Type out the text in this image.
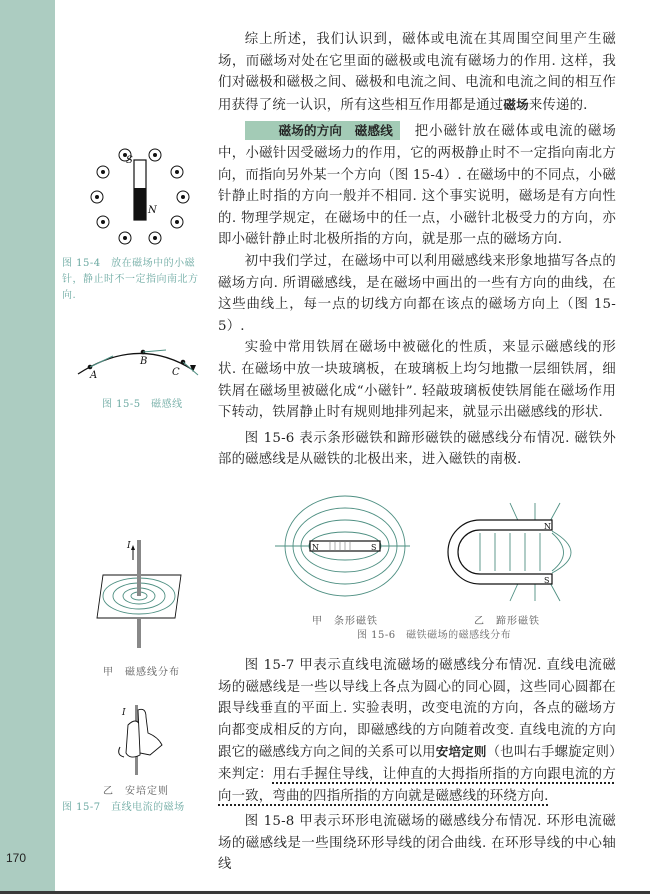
170

综上所述，我们认识到，磁体或电流在其周围空间里产生磁场，而磁场对处在它里面的磁极或电流有磁场力的作用. 这样，我们对磁极和磁极之间、磁极和电流之间、电流和电流之间的相互作用获得了统一认识，所有这些相互作用都是通过磁场来传递的.

磁场的方向　磁感线 把小磁针放在磁体或电流的磁场中，小磁针因受磁场力的作用，它的两极静止时不一定指向南北方向，而指向另外某一个方向（图 15-4）. 在磁场中的不同点，小磁针静止时指的方向一般并不相同. 这个事实说明，磁场是有方向性的. 物理学规定，在磁场中的任一点，小磁针北极受力的方向，亦即小磁针静止时北极所指的方向，就是那一点的磁场方向.

初中我们学过，在磁场中可以利用磁感线来形象地描写各点的磁场方向. 所谓磁感线，是在磁场中画出的一些有方向的曲线，在这些曲线上，每一点的切线方向都在该点的磁场方向上（图 15-5）.

实验中常用铁屑在磁场中被磁化的性质，来显示磁感线的形状. 在磁场中放一块玻璃板，在玻璃板上均匀地撒一层细铁屑，细铁屑在磁场里被磁化成“小磁针”. 轻敲玻璃板使铁屑能在磁场作用下转动，铁屑静止时有规则地排列起来，就显示出磁感线的形状.

图 15-6 表示条形磁铁和蹄形磁铁的磁感线分布情况. 磁铁外部的磁感线是从磁铁的北极出来，进入磁铁的南极.

图 15-7 甲表示直线电流磁场的磁感线分布情况. 直线电流磁场的磁感线是一些以导线上各点为圆心的同心圆，这些同心圆都在跟导线垂直的平面上. 实验表明，改变电流的方向，各点的磁场方向都变成相反的方向，即磁感线的方向随着改变. 直线电流的方向跟它的磁感线方向之间的关系可以用安培定则（也叫右手螺旋定则）来判定：用右手握住导线，让伸直的大拇指所指的方向跟电流的方向一致，弯曲的四指所指的方向就是磁感线的环绕方向.

图 15-8 甲表示环形电流磁场的磁感线分布情况. 环形电流磁场的磁感线是一些围绕环形导线的闭合曲线. 在环形导线的中心轴线

S
N
图 15-4　放在磁场中的小磁针，静止时不一定指向南北方向.
A
B
C
图 15-5　磁感线
N	S
N
S
甲　条形磁铁	乙　蹄形磁铁
图 15-6　磁铁磁场的磁感线分布
I
甲　磁感线分布
I
乙　安培定则
图 15-7　直线电流的磁场
